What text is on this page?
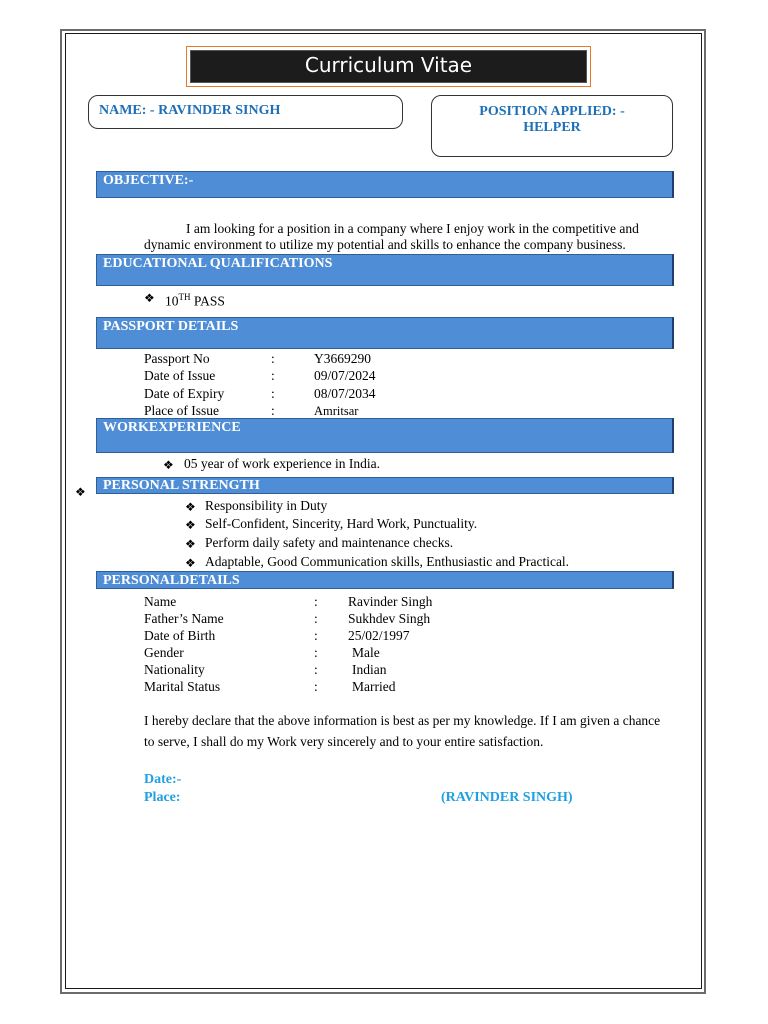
Curriculum Vitae
NAME: - RAVINDER SINGH	POSITION APPLIED: -
HELPER
OBJECTIVE:-
I am looking for a position in a company where I enjoy work in the competitive and
dynamic environment to utilize my potential and skills to enhance the company business.
EDUCATIONAL QUALIFICATIONS
❖ 10TH PASS
PASSPORT DETAILS
Passport No	:	Y3669290
Date of Issue	:	09/07/2024
Date of Expiry	:	08/07/2034
Place of Issue	:	Amritsar
WORKEXPERIENCE
❖ 05 year of work experience in India.
❖	PERSONAL STRENGTH
❖ Responsibility in Duty
❖ Self-Confident, Sincerity, Hard Work, Punctuality.
❖ Perform daily safety and maintenance checks.
❖ Adaptable, Good Communication skills, Enthusiastic and Practical.
PERSONALDETAILS
Name	: Ravinder Singh
Father’s Name	: Sukhdev Singh
Date of Birth	: 25/02/1997
Gender	:	Male
Nationality	:	Indian
Marital Status	:	Married
I hereby declare that the above information is best as per my knowledge. If I am given a chance
to serve, I shall do my Work very sincerely and to your entire satisfaction.
Date:-
Place:	(RAVINDER SINGH)
